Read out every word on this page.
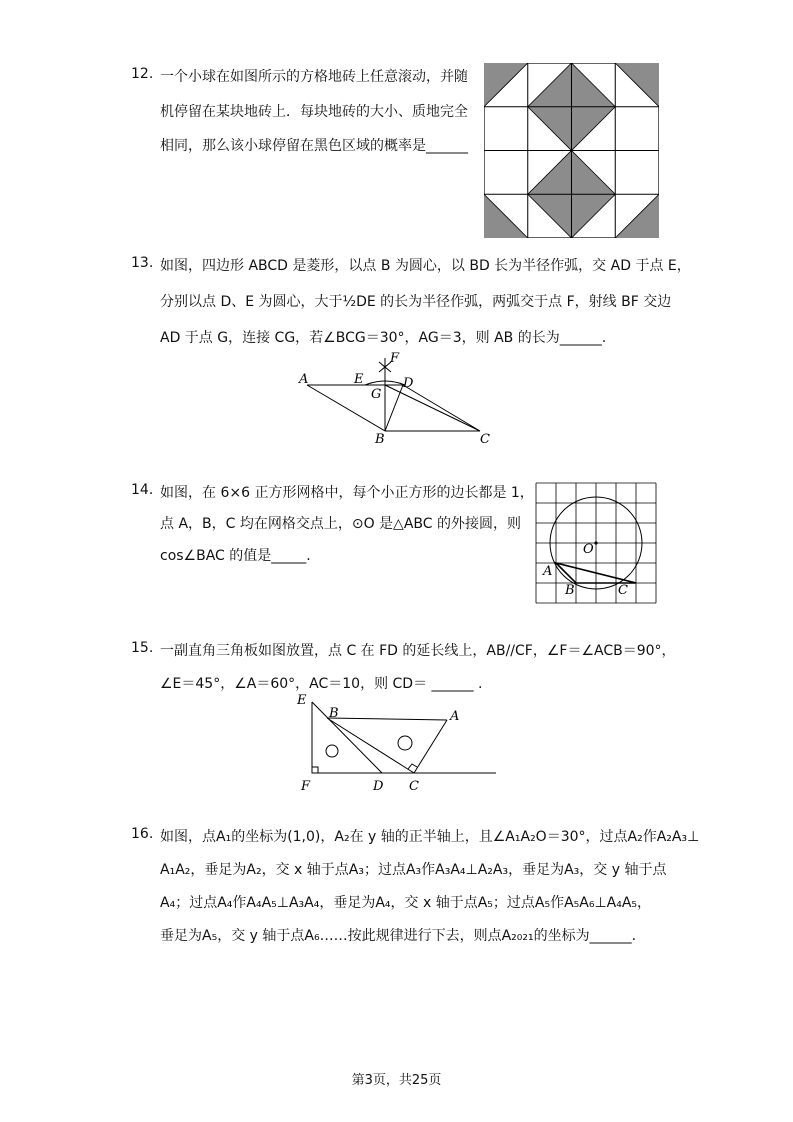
12. 一个小球在如图所示的方格地砖上任意滚动，并随
机停留在某块地砖上．每块地砖的大小、质地完全
相同，那么该小球停留在黑色区域的概率是______
13. 如图，四边形 ABCD 是菱形，以点 B 为圆心，以 BD 长为半径作弧，交 AD 于点 E，
分别以点 D、E 为圆心，大于½DE 的长为半径作弧，两弧交于点 F，射线 BF 交边
AD 于点 G，连接 CG，若∠BCG＝30°，AG＝3，则 AB 的长为______.
A	E
F
D
G
B	C
14. 如图，在 6×6 正方形网格中，每个小正方形的边长都是 1，
点 A，B，C 均在网格交点上，⊙O 是△ABC 的外接圆，则
cos∠BAC 的值是_____.	O
A
B	C
15. 一副直角三角板如图放置，点 C 在 FD 的延长线上，AB//CF，∠F＝∠ACB＝90°，
∠E＝45°，∠A＝60°，AC＝10，则 CD＝ ______ .
E
B	A
F	D C
16. 如图，点A₁的坐标为(1,0)，A₂在 y 轴的正半轴上，且∠A₁A₂O＝30°，过点A₂作A₂A₃⊥
A₁A₂，垂足为A₂，交 x 轴于点A₃；过点A₃作A₃A₄⊥A₂A₃，垂足为A₃，交 y 轴于点
A₄；过点A₄作A₄A₅⊥A₃A₄，垂足为A₄，交 x 轴于点A₅；过点A₅作A₅A₆⊥A₄A₅，
垂足为A₅，交 y 轴于点A₆……按此规律进行下去，则点A₂₀₂₁的坐标为______.
第3页，共25页
